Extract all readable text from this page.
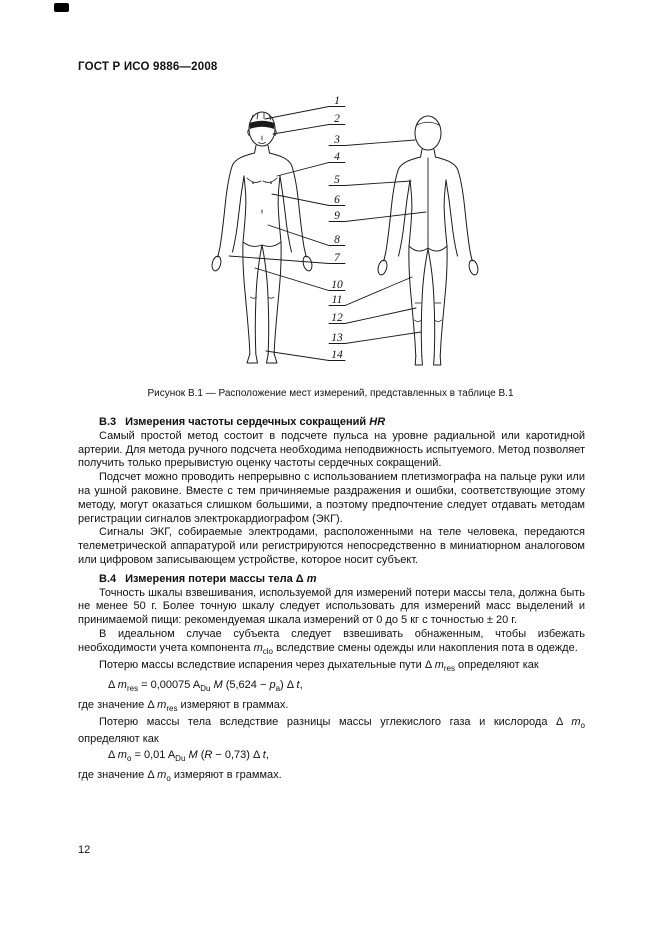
ГОСТ Р ИСО 9886—2008
1
2
3
4
5
6
9
8
7
10
11
12
13
14
Рисунок В.1 — Расположение мест измерений, представленных в таблице В.1

В.3 Измерения частоты сердечных сокращений HR

Самый простой метод состоит в подсчете пульса на уровне радиальной или каротидной артерии. Для метода ручного подсчета необходима неподвижность испытуемого. Метод позволяет получить только прерывистую оценку частоты сердечных сокращений.

Подсчет можно проводить непрерывно с использованием плетизмографа на пальце руки или на ушной раковине. Вместе с тем причиняемые раздражения и ошибки, соответствующие этому методу, могут оказаться слишком большими, а поэтому предпочтение следует отдавать методам регистрации сигналов электрокардиографом (ЭКГ).

Сигналы ЭКГ, собираемые электродами, расположенными на теле человека, передаются телеметрической аппаратурой или регистрируются непосредственно в миниатюрном аналоговом или цифровом записывающем устройстве, которое носит субъект.

В.4 Измерения потери массы тела Δ m

Точность шкалы взвешивания, используемой для измерений потери массы тела, должна быть не менее 50 г. Более точную шкалу следует использовать для измерений масс выделений и принимаемой пищи: рекомендуемая шкала измерений от 0 до 5 кг с точностью ± 20 г.

В идеальном случае субъекта следует взвешивать обнаженным, чтобы избежать необходимости учета компонента $m_{clo}$ вследствие смены одежды или накопления пота в одежде.

Потерю массы вследствие испарения через дыхательные пути Δ $m_{res}$ определяют как

Δ $m_{res} = 0,00075$ $A_{Du}$ M $(5,624 - p_a)$ Δ t,

где значение Δ $m_{res}$ измеряют в граммах.

Потерю массы тела вследствие разницы массы углекислого газа и кислорода Δ $m_o$ определяют как

Δ $m_o = 0,01$ $A_{Du}$ M (R − 0,73) Δ t,

где значение Δ $m_o$ измеряют в граммах.

12
